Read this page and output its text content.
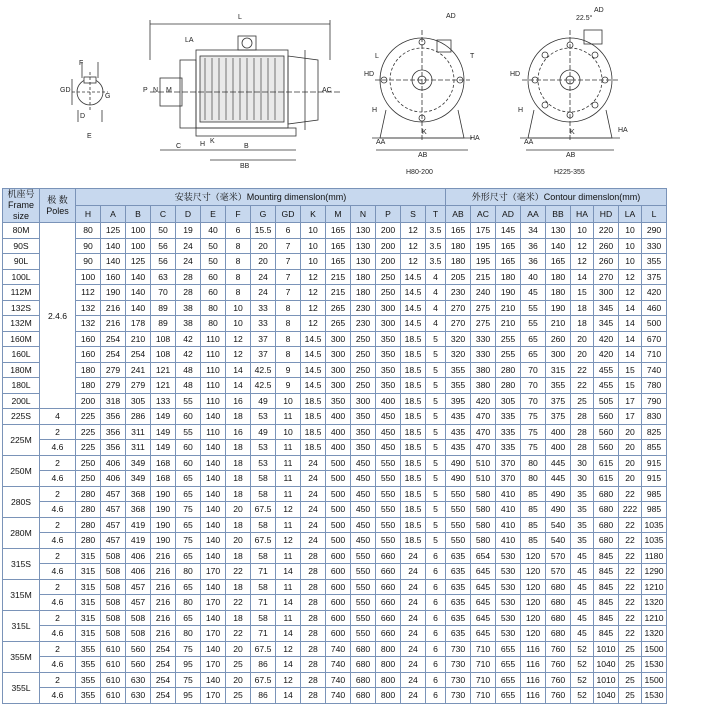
F
GD
G
D
E
L
LA
P N M	AC
K
C	B
BB
H
AD
HD
L	T
H
AA
K
AB
HA
H80-200
AD
22.5°
HD
H
AA
K	HA
AB
H225-355
机座号 Frame size	极 数 Poles	安装尺寸（毫米）Mountirg dimenslon(mm)															外形尺寸（毫米）Contour dimenslon(mm)								
		H	A	B	C	D	E	F	G	GD	K	M	N	P	S	T	AB	AC	AD	AA	BB	HA	HD	LA	L
80M	2.4.6	80	125	100	50	19	40	6	15.5	6	10	165	130	200	12	3.5	165	175	145	34	130	10	220	10	290
90S		90	140	100	56	24	50	8	20	7	10	165	130	200	12	3.5	180	195	165	36	140	12	260	10	330
90L		90	140	125	56	24	50	8	20	7	10	165	130	200	12	3.5	180	195	165	36	165	12	260	10	355
100L		100	160	140	63	28	60	8	24	7	12	215	180	250	14.5	4	205	215	180	40	180	14	270	12	375
112M		112	190	140	70	28	60	8	24	7	12	215	180	250	14.5	4	230	240	190	45	180	15	300	12	420
132S		132	216	140	89	38	80	10	33	8	12	265	230	300	14.5	4	270	275	210	55	190	18	345	14	460
132M		132	216	178	89	38	80	10	33	8	12	265	230	300	14.5	4	270	275	210	55	210	18	345	14	500
160M		160	254	210	108	42	110	12	37	8	14.5	300	250	350	18.5	5	320	330	255	65	260	20	420	14	670
160L		160	254	254	108	42	110	12	37	8	14.5	300	250	350	18.5	5	320	330	255	65	300	20	420	14	710
180M		180	279	241	121	48	110	14	42.5	9	14.5	300	250	350	18.5	5	355	380	280	70	315	22	455	15	740
180L		180	279	279	121	48	110	14	42.5	9	14.5	300	250	350	18.5	5	355	380	280	70	355	22	455	15	780
200L		200	318	305	133	55	110	16	49	10	18.5	350	300	400	18.5	5	395	420	305	70	375	25	505	17	790
225S	4	225	356	286	149	60	140	18	53	11	18.5	400	350	450	18.5	5	435	470	335	75	375	28	560	17	830
225M	2	225	356	311	149	55	110	16	49	10	18.5	400	350	450	18.5	5	435	470	335	75	400	28	560	20	825
	4.6	225	356	311	149	60	140	18	53	11	18.5	400	350	450	18.5	5	435	470	335	75	400	28	560	20	855
250M	2	250	406	349	168	60	140	18	53	11	24	500	450	550	18.5	5	490	510	370	80	445	30	615	20	915
	4.6	250	406	349	168	65	140	18	58	11	24	500	450	550	18.5	5	490	510	370	80	445	30	615	20	915
280S	2	280	457	368	190	65	140	18	58	11	24	500	450	550	18.5	5	550	580	410	85	490	35	680	22	985
	4.6	280	457	368	190	75	140	20	67.5	12	24	500	450	550	18.5	5	550	580	410	85	490	35	680	222	985
280M	2	280	457	419	190	65	140	18	58	11	24	500	450	550	18.5	5	550	580	410	85	540	35	680	22	1035
	4.6	280	457	419	190	75	140	20	67.5	12	24	500	450	550	18.5	5	550	580	410	85	540	35	680	22	1035
315S	2	315	508	406	216	65	140	18	58	11	28	600	550	660	24	6	635	654	530	120	570	45	845	22	1180
	4.6	315	508	406	216	80	170	22	71	14	28	600	550	660	24	6	635	645	530	120	570	45	845	22	1290
315M	2	315	508	457	216	65	140	18	58	11	28	600	550	660	24	6	635	645	530	120	680	45	845	22	1210
	4.6	315	508	457	216	80	170	22	71	14	28	600	550	660	24	6	635	645	530	120	680	45	845	22	1320
315L	2	315	508	508	216	65	140	18	58	11	28	600	550	660	24	6	635	645	530	120	680	45	845	22	1210
	4.6	315	508	508	216	80	170	22	71	14	28	600	550	660	24	6	635	645	530	120	680	45	845	22	1320
355M	2	355	610	560	254	75	140	20	67.5	12	28	740	680	800	24	6	730	710	655	116	760	52	1010	25	1500
	4.6	355	610	560	254	95	170	25	86	14	28	740	680	800	24	6	730	710	655	116	760	52	1040	25	1530
355L	2	355	610	630	254	75	140	20	67.5	12	28	740	680	800	24	6	730	710	655	116	760	52	1010	25	1500
	4.6	355	610	630	254	95	170	25	86	14	28	740	680	800	24	6	730	710	655	116	760	52	1040	25	1530
